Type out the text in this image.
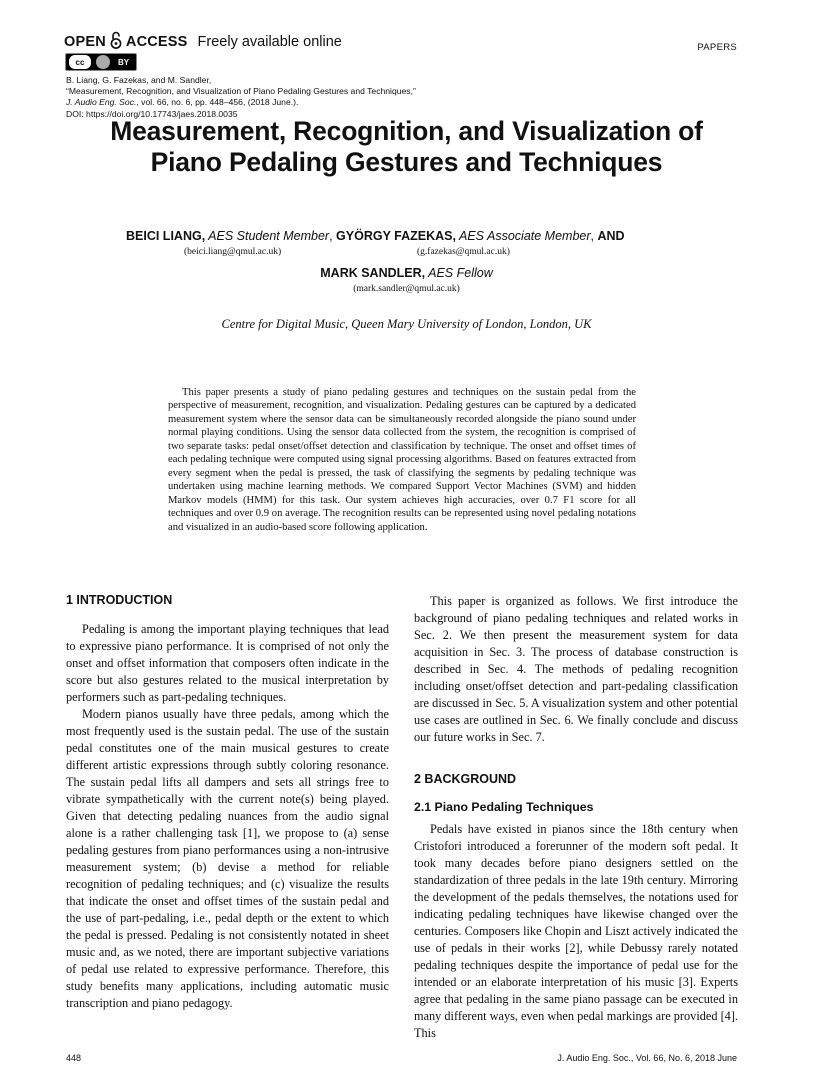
OPEN ACCESS Freely available online
cc	BY
PAPERS
B. Liang, G. Fazekas, and M. Sandler,
“Measurement, Recognition, and Visualization of Piano Pedaling Gestures and Techniques,”
J. Audio Eng. Soc., vol. 66, no. 6, pp. 448–456, (2018 June.).
DOI: https://doi.org/10.17743/jaes.2018.0035
Measurement, Recognition, and Visualization of
Piano Pedaling Gestures and Techniques
BEICI LIANG, AES Student Member, GYÖRGY FAZEKAS, AES Associate Member, AND
(beici.liang@qmul.ac.uk)	(g.fazekas@qmul.ac.uk)
MARK SANDLER, AES Fellow
(mark.sandler@qmul.ac.uk)
Centre for Digital Music, Queen Mary University of London, London, UK
This paper presents a study of piano pedaling gestures and techniques on the sustain pedal from the perspective of measurement, recognition, and visualization. Pedaling gestures can be captured by a dedicated measurement system where the sensor data can be simultaneously recorded alongside the piano sound under normal playing conditions. Using the sensor data collected from the system, the recognition is comprised of two separate tasks: pedal onset/offset detection and classification by technique. The onset and offset times of each pedaling technique were computed using signal processing algorithms. Based on features extracted from every segment when the pedal is pressed, the task of classifying the segments by pedaling technique was undertaken using machine learning methods. We compared Support Vector Machines (SVM) and hidden Markov models (HMM) for this task. Our system achieves high accuracies, over 0.7 F1 score for all techniques and over 0.9 on average. The recognition results can be represented using novel pedaling notations and visualized in an audio-based score following application.
1 INTRODUCTION

Pedaling is among the important playing techniques that lead to expressive piano performance. It is comprised of not only the onset and offset information that composers often indicate in the score but also gestures related to the musical interpretation by performers such as part-pedaling techniques.

Modern pianos usually have three pedals, among which the most frequently used is the sustain pedal. The use of the sustain pedal constitutes one of the main musical gestures to create different artistic expressions through subtly coloring resonance. The sustain pedal lifts all dampers and sets all strings free to vibrate sympathetically with the current note(s) being played. Given that detecting pedaling nuances from the audio signal alone is a rather challenging task [1], we propose to (a) sense pedaling gestures from piano performances using a non-intrusive measurement system; (b) devise a method for reliable recognition of pedaling techniques; and (c) visualize the results that indicate the onset and offset times of the sustain pedal and the use of part-pedaling, i.e., pedal depth or the extent to which the pedal is pressed. Pedaling is not consistently notated in sheet music and, as we noted, there are important subjective variations of pedal use related to expressive performance. Therefore, this study benefits many applications, including automatic music transcription and piano pedagogy.

This paper is organized as follows. We first introduce the background of piano pedaling techniques and related works in Sec. 2. We then present the measurement system for data acquisition in Sec. 3. The process of database construction is described in Sec. 4. The methods of pedaling recognition including onset/offset detection and part-pedaling classification are discussed in Sec. 5. A visualization system and other potential use cases are outlined in Sec. 6. We finally conclude and discuss our future works in Sec. 7.

2 BACKGROUND
2.1 Piano Pedaling Techniques

Pedals have existed in pianos since the 18th century when Cristofori introduced a forerunner of the modern soft pedal. It took many decades before piano designers settled on the standardization of three pedals in the late 19th century. Mirroring the development of the pedals themselves, the notations used for indicating pedaling techniques have likewise changed over the centuries. Composers like Chopin and Liszt actively indicated the use of pedals in their works [2], while Debussy rarely notated pedaling techniques despite the importance of pedal use for the intended or an elaborate interpretation of his music [3]. Experts agree that pedaling in the same piano passage can be executed in many different ways, even when pedal markings are provided [4]. This

448	J. Audio Eng. Soc., Vol. 66, No. 6, 2018 June
